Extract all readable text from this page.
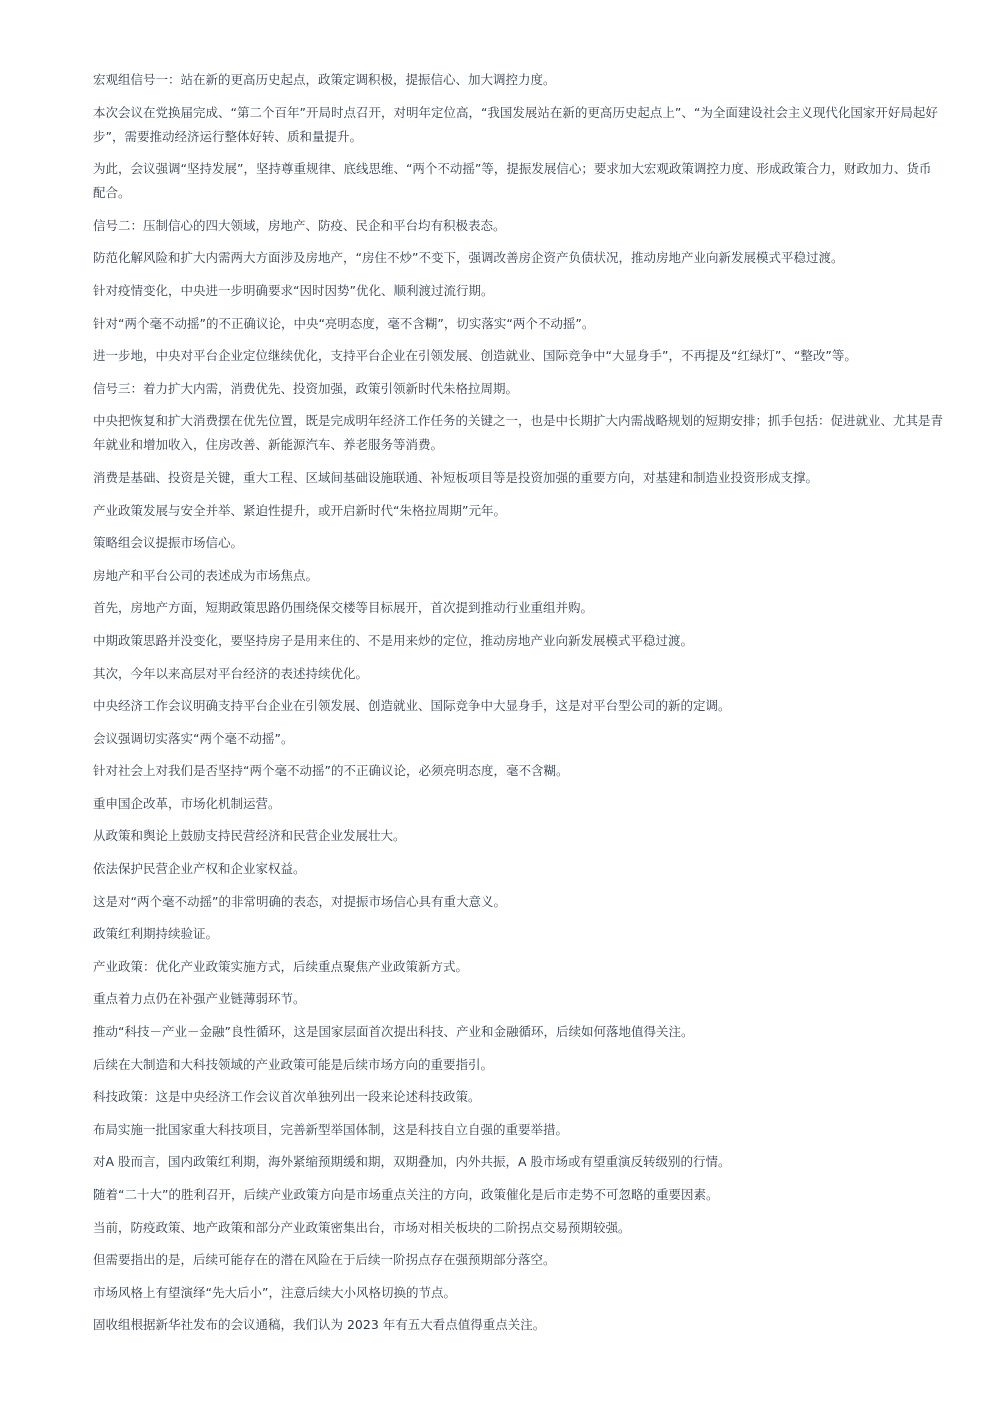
宏观组信号一：站在新的更高历史起点，政策定调积极，提振信心、加大调控力度。

本次会议在党换届完成、“第二个百年”开局时点召开，对明年定位高，“我国发展站在新的更高历史起点上”、“为全面建设社会主义现代化国家开好局起好步”，需要推动经济运行整体好转、质和量提升。

为此，会议强调“坚持发展”，坚持尊重规律、底线思维、“两个不动摇”等，提振发展信心；要求加大宏观政策调控力度、形成政策合力，财政加力、货币配合。

信号二：压制信心的四大领域，房地产、防疫、民企和平台均有积极表态。

防范化解风险和扩大内需两大方面涉及房地产，“房住不炒”不变下，强调改善房企资产负债状况，推动房地产业向新发展模式平稳过渡。

针对疫情变化，中央进一步明确要求“因时因势”优化、顺利渡过流行期。

针对“两个毫不动摇”的不正确议论，中央“亮明态度，毫不含糊”，切实落实“两个不动摇”。

进一步地，中央对平台企业定位继续优化，支持平台企业在引领发展、创造就业、国际竞争中“大显身手”，不再提及“红绿灯”、“整改”等。

信号三：着力扩大内需，消费优先、投资加强，政策引领新时代朱格拉周期。

中央把恢复和扩大消费摆在优先位置，既是完成明年经济工作任务的关键之一，也是中长期扩大内需战略规划的短期安排；抓手包括：促进就业、尤其是青年就业和增加收入，住房改善、新能源汽车、养老服务等消费。

消费是基础、投资是关键，重大工程、区域间基础设施联通、补短板项目等是投资加强的重要方向，对基建和制造业投资形成支撑。

产业政策发展与安全并举、紧迫性提升，或开启新时代“朱格拉周期”元年。

策略组会议提振市场信心。

房地产和平台公司的表述成为市场焦点。

首先，房地产方面，短期政策思路仍围绕保交楼等目标展开，首次提到推动行业重组并购。

中期政策思路并没变化，要坚持房子是用来住的、不是用来炒的定位，推动房地产业向新发展模式平稳过渡。

其次，今年以来高层对平台经济的表述持续优化。

中央经济工作会议明确支持平台企业在引领发展、创造就业、国际竞争中大显身手，这是对平台型公司的新的定调。

会议强调切实落实“两个毫不动摇”。

针对社会上对我们是否坚持“两个毫不动摇”的不正确议论，必须亮明态度，毫不含糊。

重申国企改革，市场化机制运营。

从政策和舆论上鼓励支持民营经济和民营企业发展壮大。

依法保护民营企业产权和企业家权益。

这是对“两个毫不动摇”的非常明确的表态，对提振市场信心具有重大意义。

政策红利期持续验证。

产业政策：优化产业政策实施方式，后续重点聚焦产业政策新方式。

重点着力点仍在补强产业链薄弱环节。

推动“科技－产业－金融”良性循环，这是国家层面首次提出科技、产业和金融循环，后续如何落地值得关注。

后续在大制造和大科技领域的产业政策可能是后续市场方向的重要指引。

科技政策：这是中央经济工作会议首次单独列出一段来论述科技政策。

布局实施一批国家重大科技项目，完善新型举国体制，这是科技自立自强的重要举措。

对A 股而言，国内政策红利期，海外紧缩预期缓和期，双期叠加，内外共振，A 股市场或有望重演反转级别的行情。

随着“二十大”的胜利召开，后续产业政策方向是市场重点关注的方向，政策催化是后市走势不可忽略的重要因素。

当前，防疫政策、地产政策和部分产业政策密集出台，市场对相关板块的二阶拐点交易预期较强。

但需要指出的是，后续可能存在的潜在风险在于后续一阶拐点存在强预期部分落空。

市场风格上有望演绎“先大后小”，注意后续大小风格切换的节点。

固收组根据新华社发布的会议通稿，我们认为 2023 年有五大看点值得重点关注。
